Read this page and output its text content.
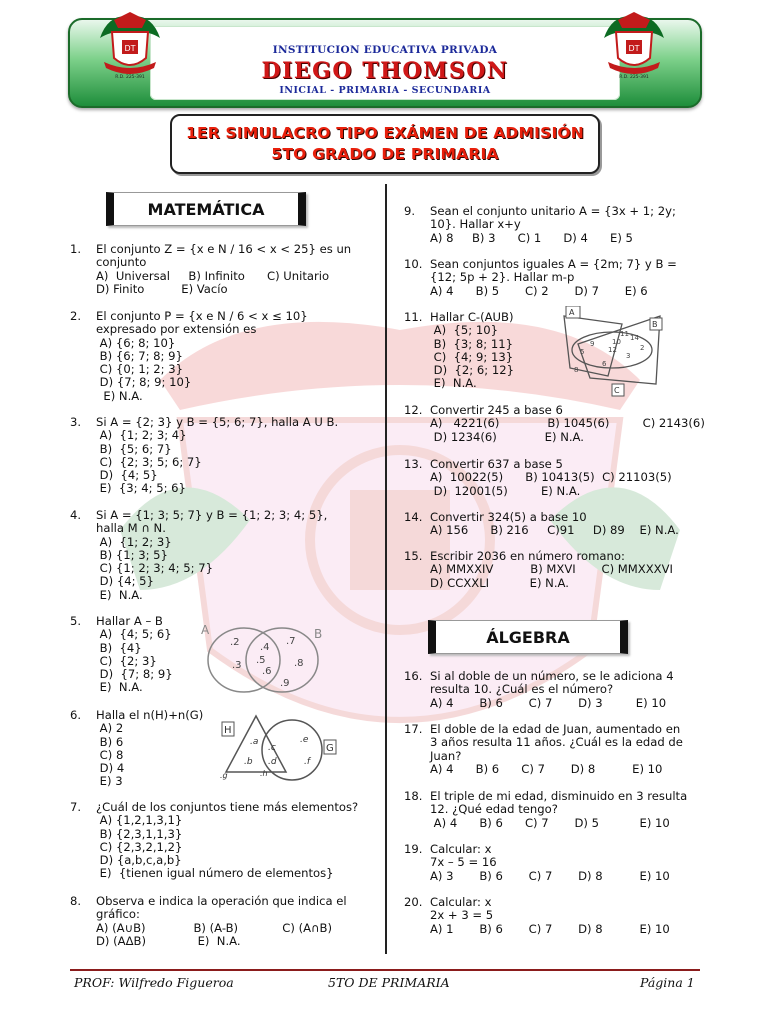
INSTITUCION EDUCATIVA PRIVADA
DIEGO THOMSON
INICIAL - PRIMARIA - SECUNDARIA
DT
R.D. 225-391
DT
R.D. 225-391
1ER SIMULACRO TIPO EXÁMEN DE ADMISIÓN
5TO GRADO DE PRIMARIA
MATEMÁTICA
ÁLGEBRA
1. El conjunto Z = {x e N / 16 < x < 25} es un
conjunto
A)  Universal     B) Infinito      C) Unitario
D) Finito          E) Vacío
2. El conjunto P = {x e N / 6 < x ≤ 10}
expresado por extensión es
A) {6; 8; 10}
B) {6; 7; 8; 9}
C) {0; 1; 2; 3}
D) {7; 8; 9; 10}
E) N.A.
3. Si A = {2; 3} y B = {5; 6; 7}, halla A U B.
A)  {1; 2; 3; 4}
B)  {5; 6; 7}
C)  {2; 3; 5; 6; 7}
D)  {4; 5}
E)  {3; 4; 5; 6}
4. Si A = {1; 3; 5; 7} y B = {1; 2; 3; 4; 5},
halla M ∩ N.
A)  {1; 2; 3}
B) {1; 3; 5}
C) {1; 2; 3; 4; 5; 7}
D) {4; 5}
E)  N.A.
5. Hallar A – B
A)  {4; 5; 6}
B)  {4}
C)  {2; 3}
D)  {7; 8; 9}
E)  N.A.
6. Halla el n(H)+n(G)
A) 2
B) 6
C) 8
D) 4
E) 3
7. ¿Cuál de los conjuntos tiene más elementos?
A) {1,2,1,3,1}
B) {2,3,1,1,3}
C) {2,3,2,1,2}
D) {a,b,c,a,b}
E)  {tienen igual número de elementos}
8. Observa e indica la operación que indica el
gráfico:
A) (A∪B)             B) (A-B)            C) (A∩B)
D) (AΔB)              E)  N.A.
9. Sean el conjunto unitario A = {3x + 1; 2y;
10}. Hallar x+y
A) 8     B) 3      C) 1      D) 4      E) 5
10. Sean conjuntos iguales A = {2m; 7} y B =
{12; 5p + 2}. Hallar m-p
A) 4      B) 5       C) 2       D) 7       E) 6
11. Hallar C-(AUB)
A)  {5; 10}
B)  {3; 8; 11}
C)  {4; 9; 13}
D)  {2; 6; 12}
E)  N.A.
12. Convertir 245 a base 6
A)   4221(6)             B) 1045(6)         C) 2143(6)
D) 1234(6)             E) N.A.
13. Convertir 637 a base 5
A)  10022(5)      B) 10413(5)  C) 21103(5)
D)  12001(5)         E) N.A.
14. Convertir 324(5) a base 10
A) 156      B) 216     C)91     D) 89    E) N.A.
15. Escribir 2036 en número romano:
A) MMXXIV          B) MXVI       C) MMXXXVI
D) CCXXLI           E) N.A.
16. Si al doble de un número, se le adiciona 4
resulta 10. ¿Cuál es el número?
A) 4       B) 6       C) 7       D) 3         E) 10
17. El doble de la edad de Juan, aumentado en
3 años resulta 11 años. ¿Cuál es la edad de
Juan?
A) 4      B) 6      C) 7       D) 8          E) 10
18. El triple de mi edad, disminuido en 3 resulta
12. ¿Qué edad tengo?
A) 4      B) 6      C) 7       D) 5           E) 10
19. Calcular: x
7x – 5 = 16
A) 3       B) 6       C) 7       D) 8          E) 10
20. Calcular: x
2x + 3 = 5
A) 1       B) 6       C) 7       D) 8          E) 10
A	B
.2
.3
.4
.5
.6
.7
.8
.9
H
G
.a
.b
.c
.d
.e
.f
.g	.h
A
B
C
11
9
14
5	12	2
3
10
6
8
PROF: Wilfredo Figueroa	5TO DE PRIMARIA	Página 1
